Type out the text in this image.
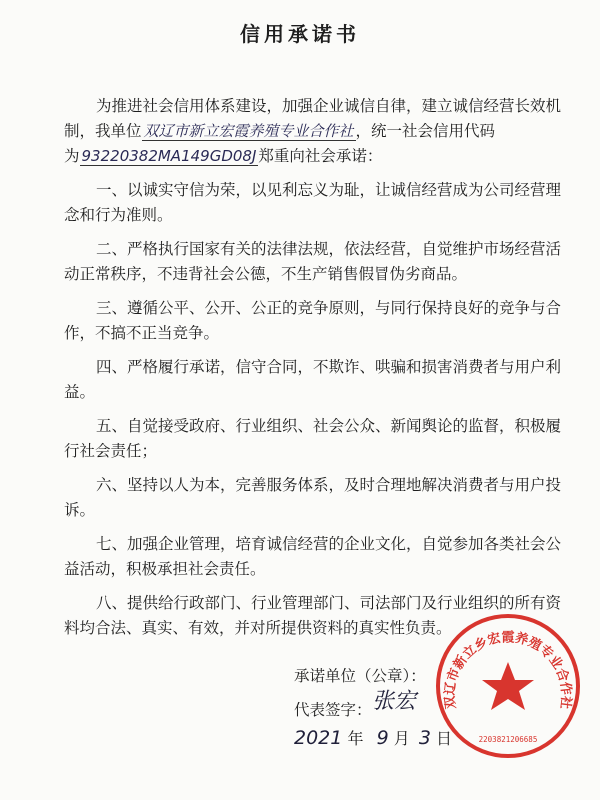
信用承诺书
为推进社会信用体系建设，加强企业诚信自律，建立诚信经营长效机
制，我单位 双辽市新立宏霞养殖专业合作社 ，统一社会信用代码
为 93220382MA149GD08J 郑重向社会承诺：
一、以诚实守信为荣，以见利忘义为耻，让诚信经营成为公司经营理
念和行为准则。
二、严格执行国家有关的法律法规，依法经营，自觉维护市场经营活
动正常秩序，不违背社会公德，不生产销售假冒伪劣商品。
三、遵循公平、公开、公正的竞争原则，与同行保持良好的竞争与合
作，不搞不正当竞争。
四、严格履行承诺，信守合同，不欺诈、哄骗和损害消费者与用户利
益。
五、自觉接受政府、行业组织、社会公众、新闻舆论的监督，积极履
行社会责任；
六、坚持以人为本，完善服务体系，及时合理地解决消费者与用户投
诉。
七、加强企业管理，培育诚信经营的企业文化，自觉参加各类社会公
益活动，积极承担社会责任。
八、提供给行政部门、行业管理部门、司法部门及行业组织的所有资
料均合法、真实、有效，并对所提供资料的真实性负责。
承诺单位（公章）：
代表签字： 张宏
2021 年 9 月 3 日
双辽市新立乡宏霞养殖专业合作社
2203821206685
